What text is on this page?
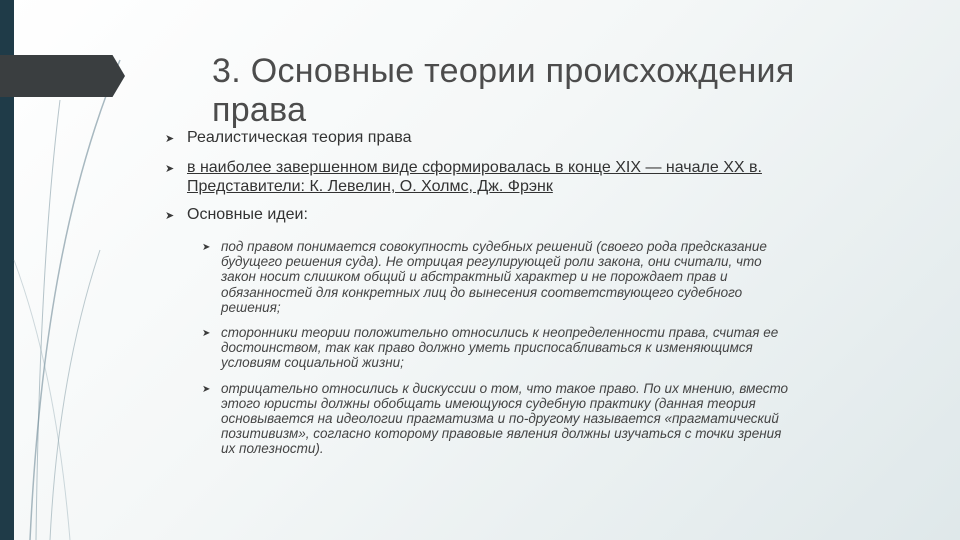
3. Основные теории происхождения права
➤ Реалистическая теория права
➤ в наиболее завершенном виде сформировалась в конце XIX — начале XX в. Представители: К. Левелин, О. Холмс, Дж. Фрэнк
➤ Основные идеи:
➤ под правом понимается совокупность судебных решений (своего рода предсказание будущего решения суда). Не отрицая регулирующей роли закона, они считали, что закон носит слишком общий и абстрактный характер и не порождает прав и обязанностей для конкретных лиц до вынесения соответствующего судебного решения;
➤ сторонники теории положительно относились к неопределенности права, считая ее достоинством, так как право должно уметь приспосабливаться к изменяющимся условиям социальной жизни;
➤ отрицательно относились к дискуссии о том, что такое право. По их мнению, вместо этого юристы должны обобщать имеющуюся судебную практику (данная теория основывается на идеологии прагматизма и по-другому называется «прагматический позитивизм», согласно которому правовые явления должны изучаться с точки зрения их полезности).
